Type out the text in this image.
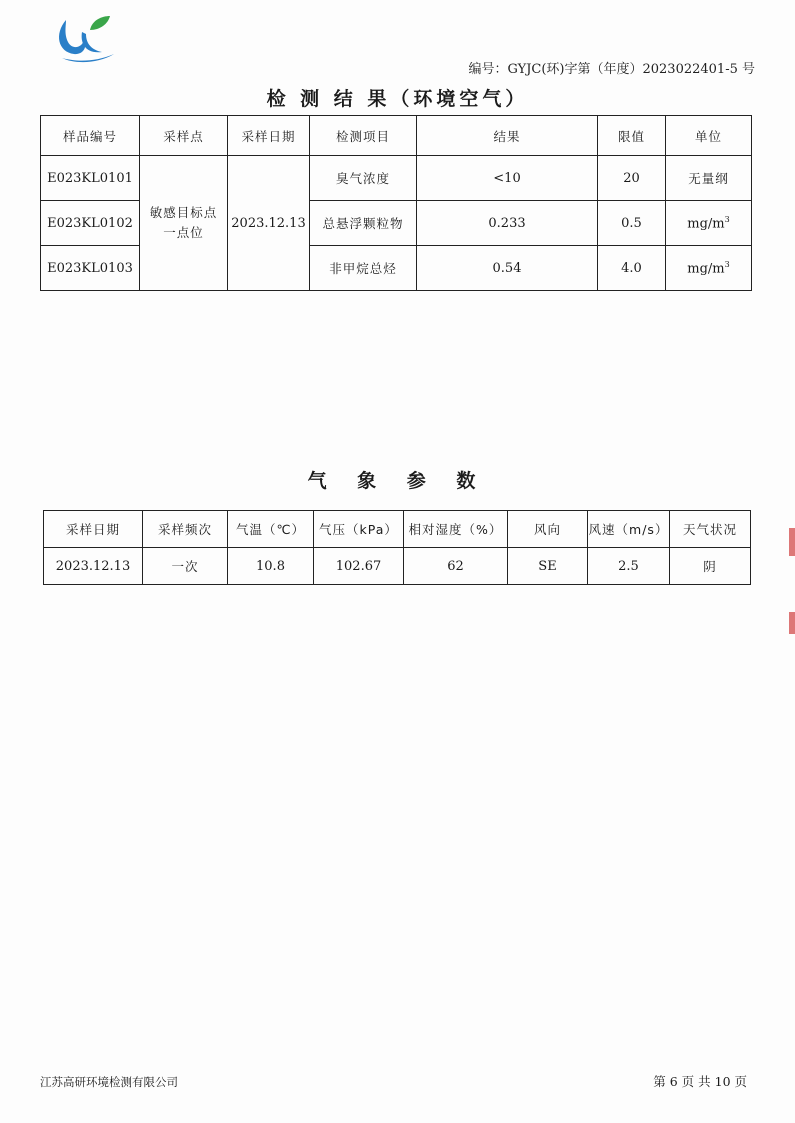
编号：GYJC(环)字第（年度）2023022401-5 号
检 测 结 果（环境空气）
样品编号	采样点	采样日期	检测项目	结果	限值	单位
E023KL0101	敏感目标点一点位	2023.12.13	臭气浓度	<10	20	无量纲
E023KL0102			总悬浮颗粒物	0.233	0.5	$mg/m^3$
E023KL0103			非甲烷总烃	0.54	4.0	$mg/m^3$
气 象 参 数
采样日期	采样频次	气温（℃）	气压（kPa）	相对湿度（%）	风向	风速（m/s）	天气状况
2023.12.13	一次	10.8	102.67	62	SE	2.5	阴
江苏高研环境检测有限公司	第 6 页 共 10 页
